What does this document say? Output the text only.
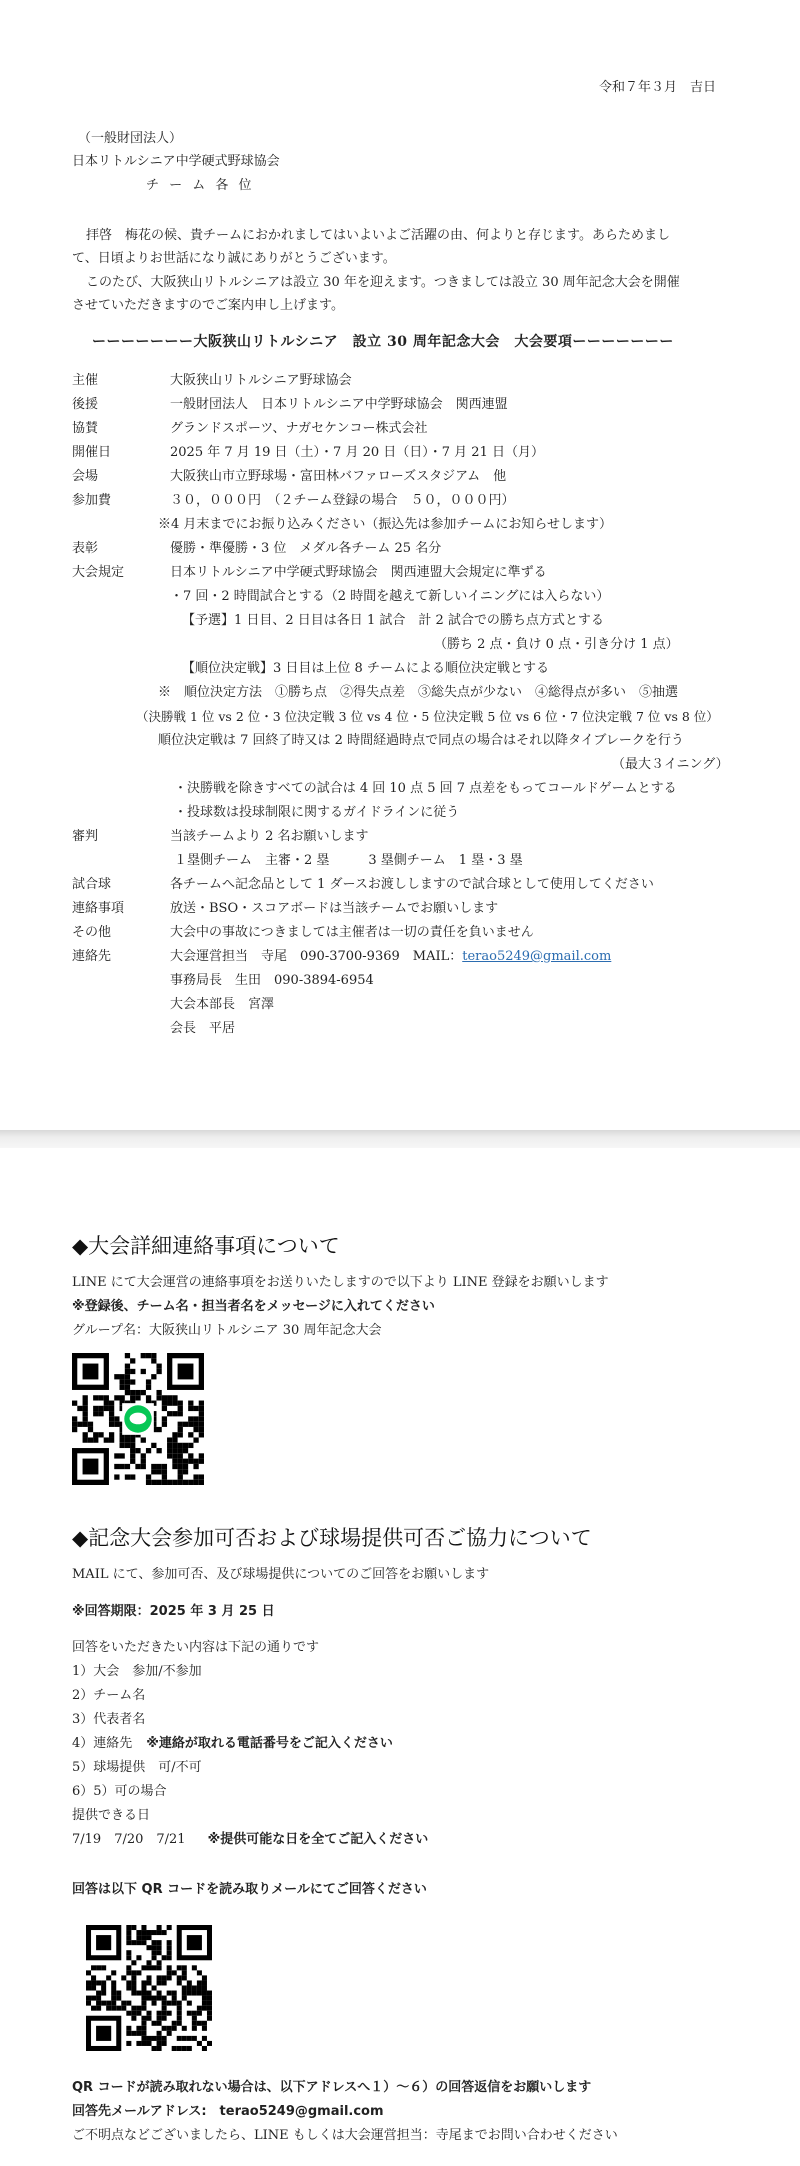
令和７年３月　吉日
（一般財団法人）
日本リトルシニア中学硬式野球協会
チ ー ム 各 位
拝啓　梅花の候、貴チームにおかれましてはいよいよご活躍の由、何よりと存じます。あらためまし
て、日頃よりお世話になり誠にありがとうございます。
このたび、大阪狭山リトルシニアは設立 30 年を迎えます。つきましては設立 30 周年記念大会を開催
させていただきますのでご案内申し上げます。
ーーーーーーー大阪狭山リトルシニア　設立 30 周年記念大会　大会要項ーーーーーーー
主催	大阪狭山リトルシニア野球協会
後援	一般財団法人　日本リトルシニア中学野球協会　関西連盟
協賛	グランドスポーツ、ナガセケンコー株式会社
開催日	2025 年 7 月 19 日（土）・7 月 20 日（日）・7 月 21 日（月）
会場	大阪狭山市立野球場・富田林バファローズスタジアム　他
参加費	３０，０００円　（２チーム登録の場合　５０，０００円）
※4 月末までにお振り込みください（振込先は参加チームにお知らせします）
表彰	優勝・準優勝・3 位　メダル各チーム 25 名分
大会規定	日本リトルシニア中学硬式野球協会　関西連盟大会規定に準ずる
・7 回・2 時間試合とする（2 時間を越えて新しいイニングには入らない）
【予選】1 日目、2 日目は各日 1 試合　計 2 試合での勝ち点方式とする
（勝ち 2 点・負け 0 点・引き分け 1 点）
【順位決定戦】3 日目は上位 8 チームによる順位決定戦とする
※　順位決定方法　①勝ち点　②得失点差　③総失点が少ない　④総得点が多い　⑤抽選
（決勝戦 1 位 vs 2 位・3 位決定戦 3 位 vs 4 位・5 位決定戦 5 位 vs 6 位・7 位決定戦 7 位 vs 8 位）
順位決定戦は 7 回終了時又は 2 時間経過時点で同点の場合はそれ以降タイブレークを行う
（最大３イニング）
・決勝戦を除きすべての試合は 4 回 10 点 5 回 7 点差をもってコールドゲームとする
・投球数は投球制限に関するガイドラインに従う
審判	当該チームより 2 名お願いします
１塁側チーム　主審・2 塁　　　3 塁側チーム　1 塁・3 塁
試合球	各チームへ記念品として 1 ダースお渡ししますので試合球として使用してください
連絡事項	放送・BSO・スコアボードは当該チームでお願いします
その他	大会中の事故につきましては主催者は一切の責任を負いません
連絡先	大会運営担当　寺尾　090-3700-9369　MAIL：terao5249@gmail.com
事務局長　生田　090-3894-6954
大会本部長　宮澤
会長　平居
◆大会詳細連絡事項について
LINE にて大会運営の連絡事項をお送りいたしますので以下より LINE 登録をお願いします
※登録後、チーム名・担当者名をメッセージに入れてください
グループ名：大阪狭山リトルシニア 30 周年記念大会
◆記念大会参加可否および球場提供可否ご協力について
MAIL にて、参加可否、及び球場提供についてのご回答をお願いします
※回答期限：2025 年 3 月 25 日
回答をいただきたい内容は下記の通りです
1）大会　参加/不参加
2）チーム名
3）代表者名
4）連絡先 ※連絡が取れる電話番号をご記入ください
5）球場提供　可/不可
6）5）可の場合
提供できる日
7/19　7/20　7/21 ※提供可能な日を全てご記入ください
回答は以下 QR コードを読み取りメールにてご回答ください
QR コードが読み取れない場合は、以下アドレスへ１）～６）の回答返信をお願いします
回答先メールアドレス:　terao5249@gmail.com
ご不明点などございましたら、LINE もしくは大会運営担当：寺尾までお問い合わせください
